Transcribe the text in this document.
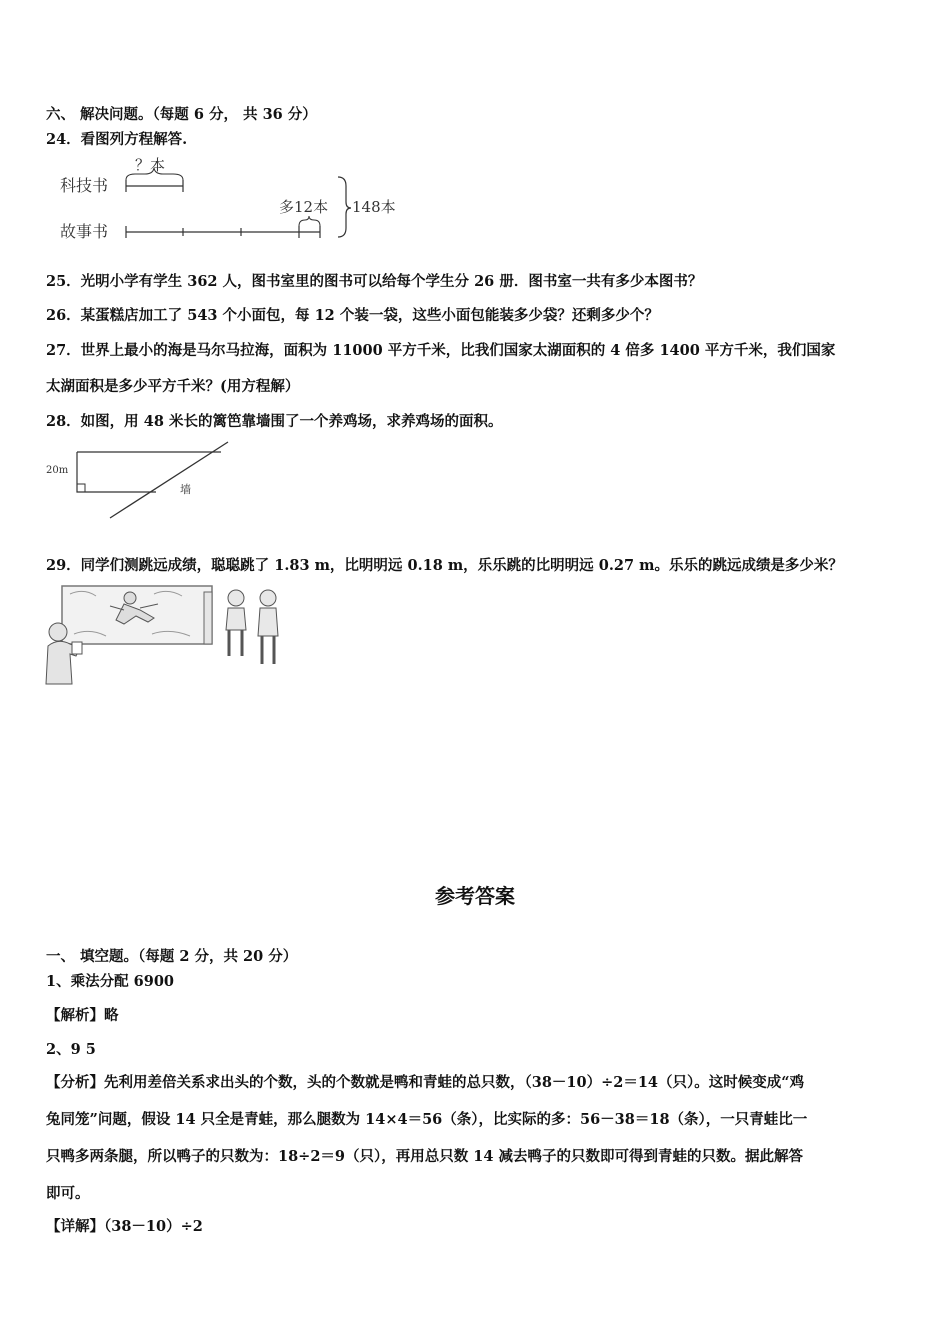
六、 解决问题。（每题 6 分， 共 36 分）
24．看图列方程解答.
科技书
故事书
？本
多12本 148本
25．光明小学有学生 362 人，图书室里的图书可以给每个学生分 26 册．图书室一共有多少本图书？
26．某蛋糕店加工了 543 个小面包，每 12 个装一袋，这些小面包能装多少袋？还剩多少个？
27．世界上最小的海是马尔马拉海，面积为 11000 平方千米，比我们国家太湖面积的 4 倍多 1400 平方千米，我们国家
太湖面积是多少平方千米？(用方程解）
28．如图，用 48 米长的篱笆靠墙围了一个养鸡场，求养鸡场的面积。
20m
墙
29．同学们测跳远成绩，聪聪跳了 1.83 m，比明明远 0.18 m，乐乐跳的比明明远 0.27 m。乐乐的跳远成绩是多少米？
参考答案
一、 填空题。（每题 2 分，共 20 分）
1、乘法分配 6900
【解析】略
2、9 5
【分析】先利用差倍关系求出头的个数，头的个数就是鸭和青蛙的总只数，（38－10）÷2＝14（只）。这时候变成“鸡
兔同笼”问题，假设 14 只全是青蛙，那么腿数为 14×4＝56（条），比实际的多：56－38＝18（条），一只青蛙比一
只鸭多两条腿，所以鸭子的只数为：18÷2＝9（只），再用总只数 14 减去鸭子的只数即可得到青蛙的只数。据此解答
即可。
【详解】（38－10）÷2
